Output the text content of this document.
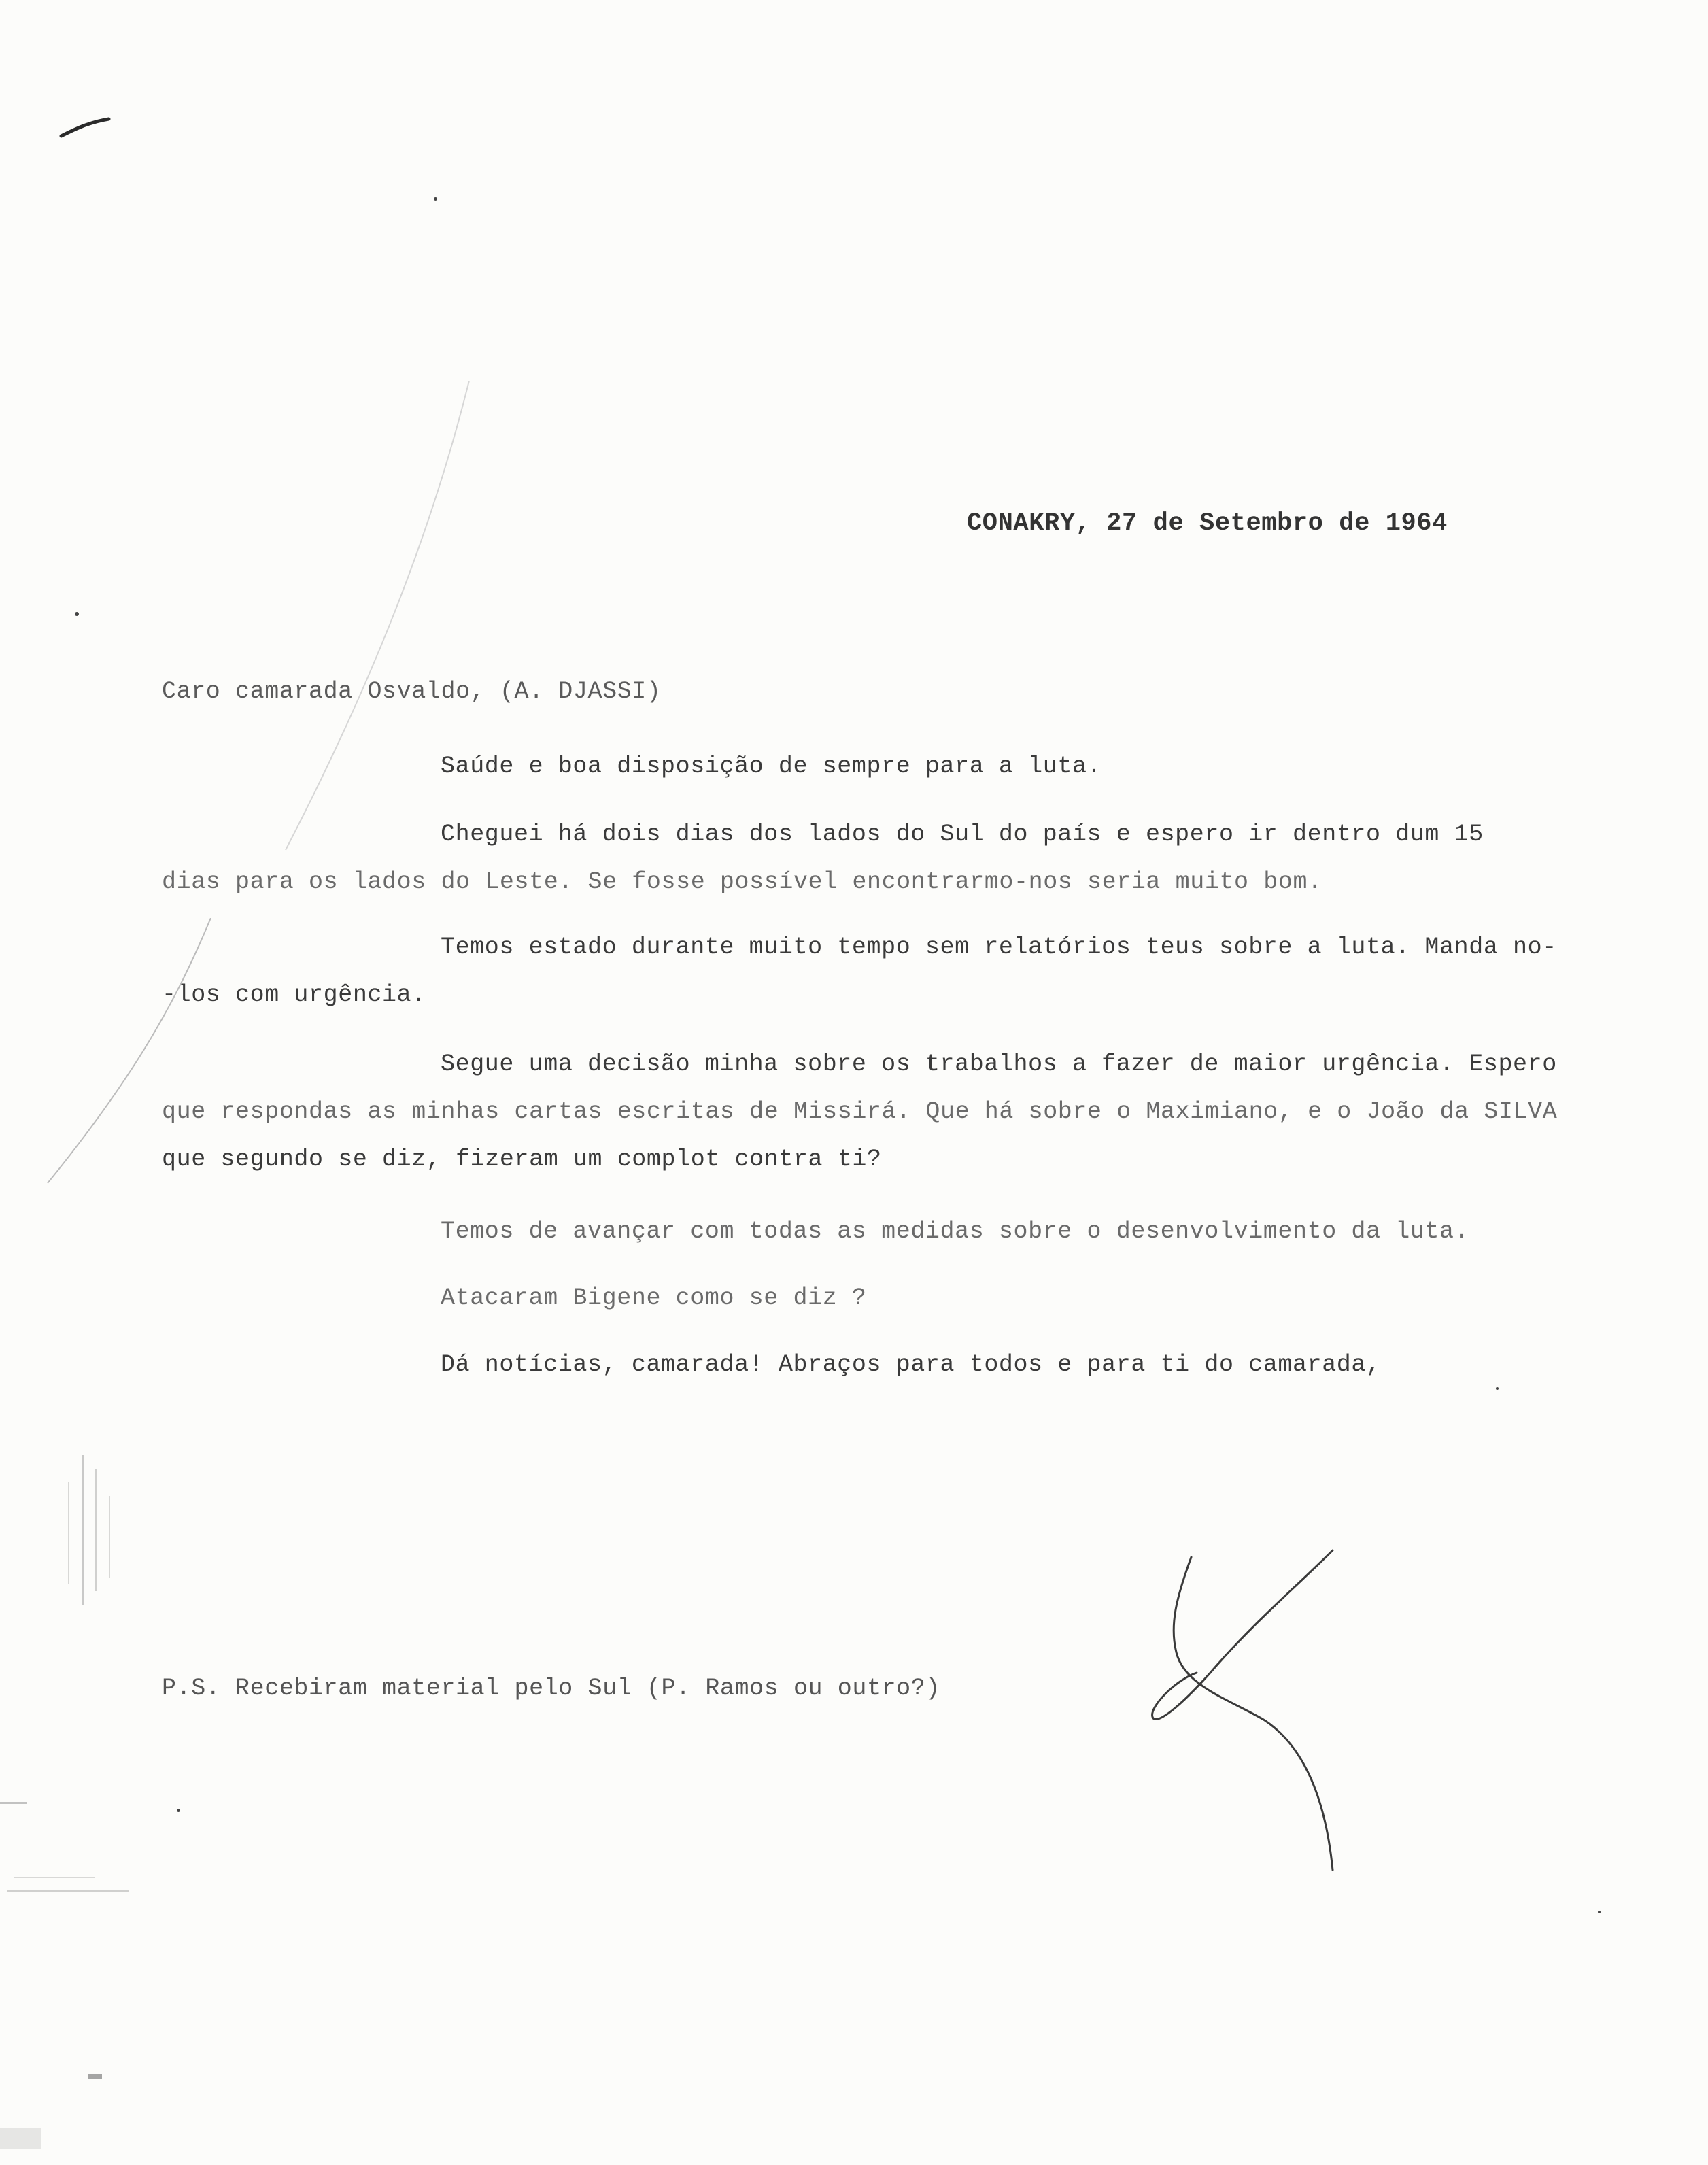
CONAKRY, 27 de Setembro de 1964
Caro camarada Osvaldo, (A. DJASSI)
Saúde e boa disposição de sempre para a luta.
Cheguei há dois dias dos lados do Sul do país e espero ir dentro dum 15
dias para os lados do Leste. Se fosse possível encontrarmo-nos seria muito bom.
Temos estado durante muito tempo sem relatórios teus sobre a luta. Manda no-
-los com urgência.
Segue uma decisão minha sobre os trabalhos a fazer de maior urgência. Espero
que respondas as minhas cartas escritas de Missirá. Que há sobre o Maximiano, e o João da SILVA
que segundo se diz, fizeram um complot contra ti?
Temos de avançar com todas as medidas sobre o desenvolvimento da luta.
Atacaram Bigene como se diz ?
Dá notícias, camarada! Abraços para todos e para ti do camarada,
P.S. Recebiram material pelo Sul (P. Ramos ou outro?)
